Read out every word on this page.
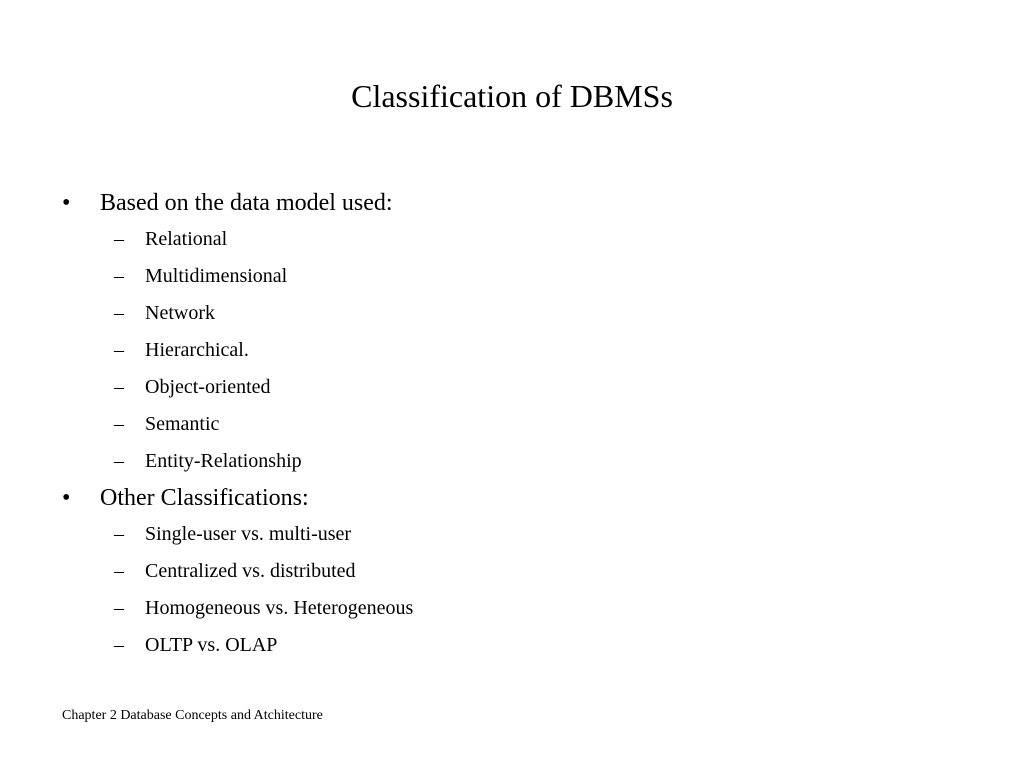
Classification of DBMSs
• Based on the data model used:
– Relational
– Multidimensional
– Network
– Hierarchical.
– Object-oriented
– Semantic
– Entity-Relationship
• Other Classifications:
– Single-user vs. multi-user
– Centralized vs. distributed
– Homogeneous vs. Heterogeneous
– OLTP vs. OLAP
Chapter 2 Database Concepts and Atchitecture
